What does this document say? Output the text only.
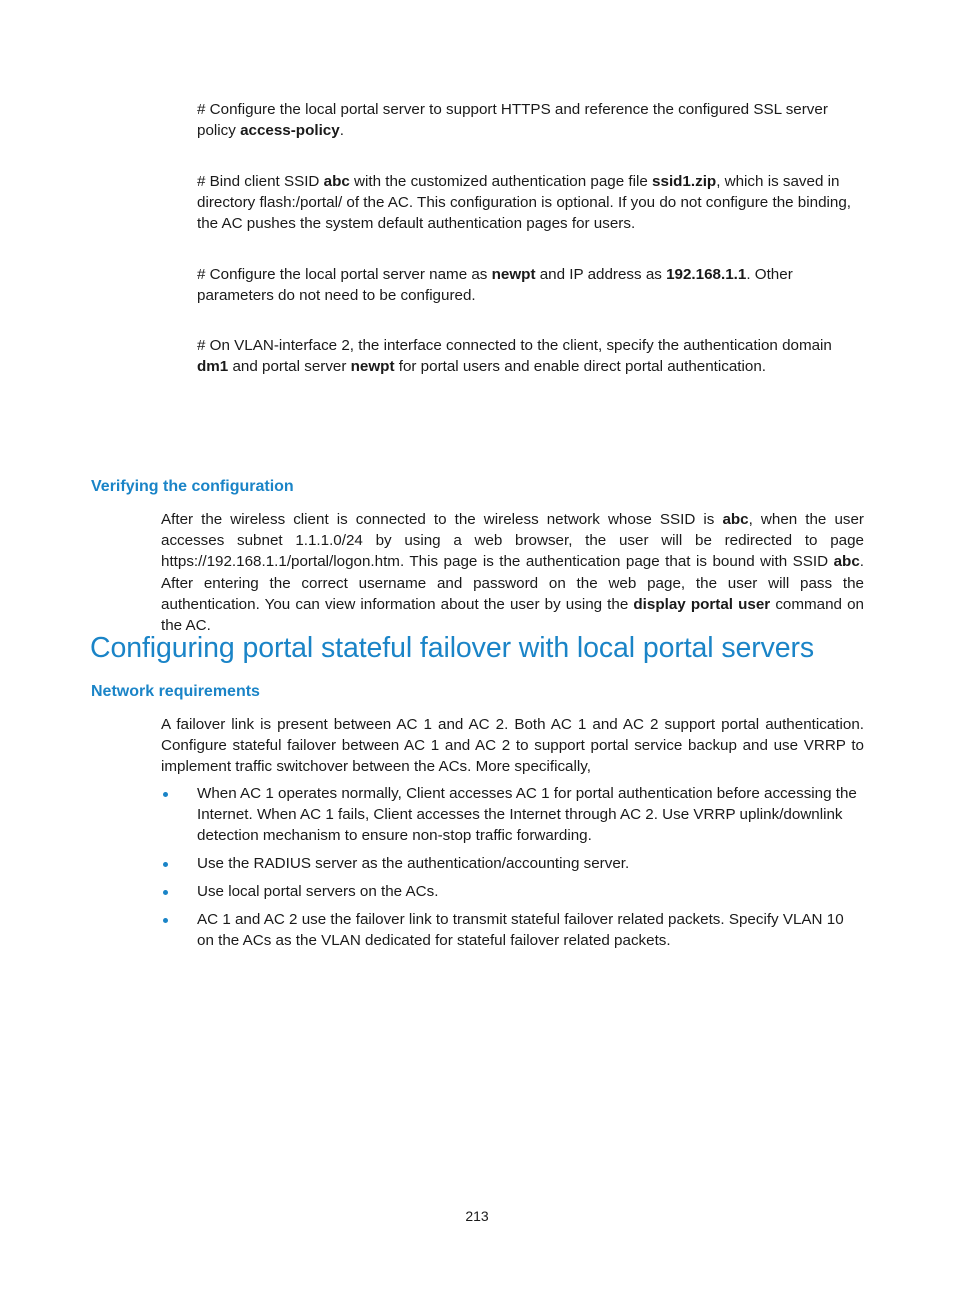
# Configure the local portal server to support HTTPS and reference the configured SSL server policy access-policy.

# Bind client SSID abc with the customized authentication page file ssid1.zip, which is saved in directory flash:/portal/ of the AC. This configuration is optional. If you do not configure the binding, the AC pushes the system default authentication pages for users.

# Configure the local portal server name as newpt and IP address as 192.168.1.1. Other parameters do not need to be configured.

# On VLAN-interface 2, the interface connected to the client, specify the authentication domain dm1 and portal server newpt for portal users and enable direct portal authentication.

Verifying the configuration

After the wireless client is connected to the wireless network whose SSID is abc, when the user accesses subnet 1.1.1.0/24 by using a web browser, the user will be redirected to page https://192.168.1.1/portal/logon.htm. This page is the authentication page that is bound with SSID abc. After entering the correct username and password on the web page, the user will pass the authentication. You can view information about the user by using the display portal user command on the AC.

Configuring portal stateful failover with local portal servers
Network requirements

A failover link is present between AC 1 and AC 2. Both AC 1 and AC 2 support portal authentication. Configure stateful failover between AC 1 and AC 2 to support portal service backup and use VRRP to implement traffic switchover between the ACs. More specifically,

When AC 1 operates normally, Client accesses AC 1 for portal authentication before accessing the Internet. When AC 1 fails, Client accesses the Internet through AC 2. Use VRRP uplink/downlink detection mechanism to ensure non-stop traffic forwarding.
Use the RADIUS server as the authentication/accounting server.
Use local portal servers on the ACs.
AC 1 and AC 2 use the failover link to transmit stateful failover related packets. Specify VLAN 10 on the ACs as the VLAN dedicated for stateful failover related packets.
213
